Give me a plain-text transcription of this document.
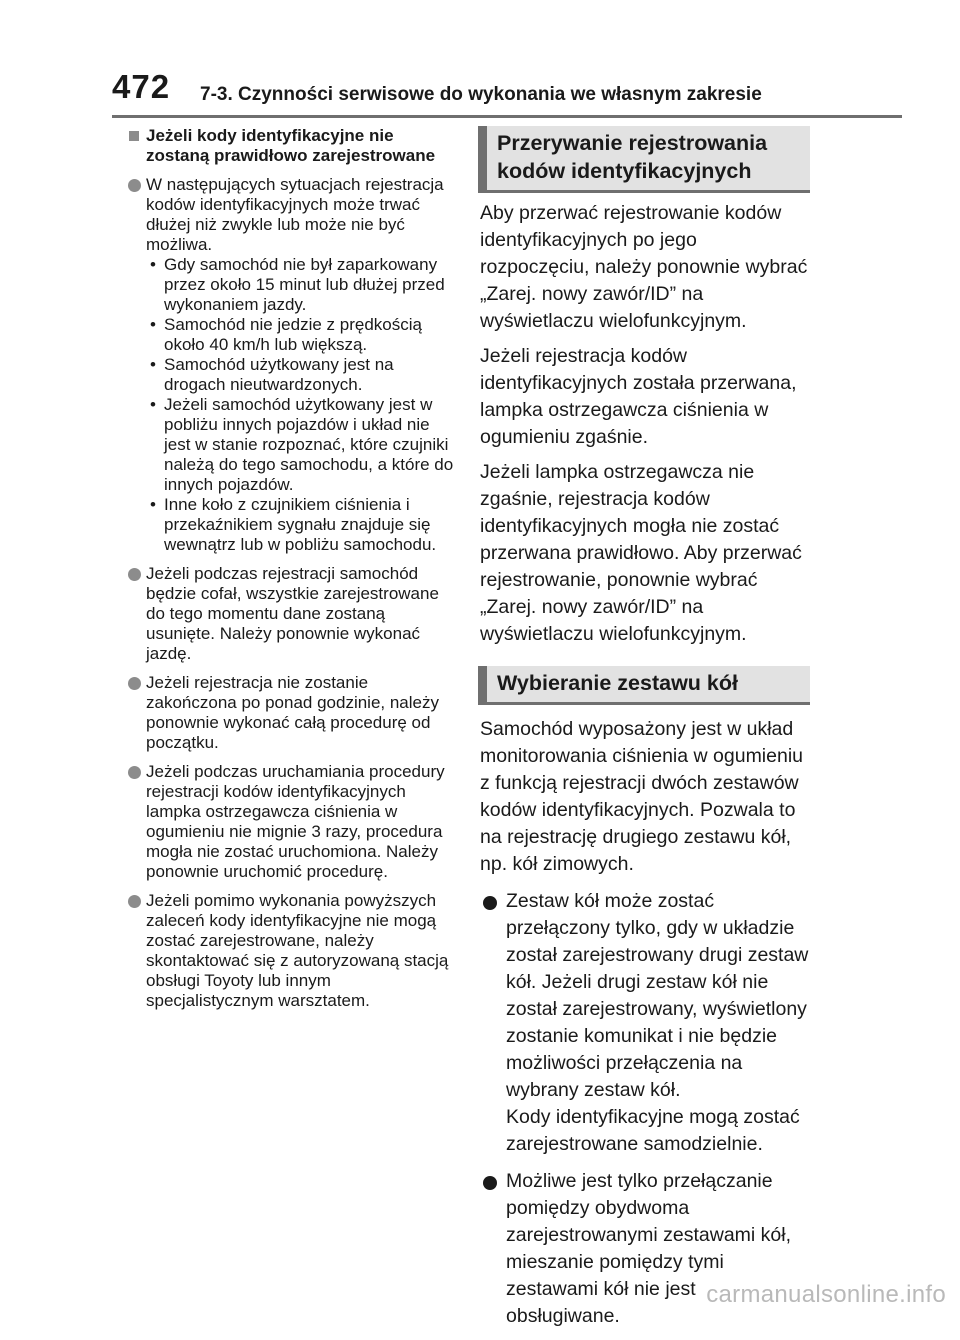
472 7-3. Czynności serwisowe do wykonania we własnym zakresie
Jeżeli kody identyfikacyjne nie zostaną prawidłowo zarejestrowane
W następujących sytuacjach rejestracja kodów identyfikacyjnych może trwać dłużej niż zwykle lub może nie być możliwa.
• Gdy samochód nie był zaparkowany przez około 15 minut lub dłużej przed wykonaniem jazdy.
• Samochód nie jedzie z prędkością około 40 km/h lub większą.
• Samochód użytkowany jest na drogach nieutwardzonych.
• Jeżeli samochód użytkowany jest w pobliżu innych pojazdów i układ nie jest w stanie rozpoznać, które czujniki należą do tego samochodu, a które do innych pojazdów.
• Inne koło z czujnikiem ciśnienia i przekaźnikiem sygnału znajduje się wewnątrz lub w pobliżu samochodu.
Jeżeli podczas rejestracji samochód będzie cofał, wszystkie zarejestrowane do tego momentu dane zostaną usunięte. Należy ponownie wykonać jazdę.
Jeżeli rejestracja nie zostanie zakończona po ponad godzinie, należy ponownie wykonać całą procedurę od początku.
Jeżeli podczas uruchamiania procedury rejestracji kodów identyfikacyjnych lampka ostrzegawcza ciśnienia w ogumieniu nie mignie 3 razy, procedura mogła nie zostać uruchomiona. Należy ponownie uruchomić procedurę.
Jeżeli pomimo wykonania powyższych zaleceń kody identyfikacyjne nie mogą zostać zarejestrowane, należy skontaktować się z autoryzowaną stacją obsługi Toyoty lub innym specjalistycznym warsztatem.
Przerywanie rejestrowania kodów identyfikacyjnych

Aby przerwać rejestrowanie kodów identyfikacyjnych po jego rozpoczęciu, należy ponownie wybrać „Zarej. nowy zawór/ID” na wyświetlaczu wielofunkcyjnym.

Jeżeli rejestracja kodów identyfikacyjnych została przerwana, lampka ostrzegawcza ciśnienia w ogumieniu zgaśnie.

Jeżeli lampka ostrzegawcza nie zgaśnie, rejestracja kodów identyfikacyjnych mogła nie zostać przerwana prawidłowo. Aby przerwać rejestrowanie, ponownie wybrać „Zarej. nowy zawór/ID” na wyświetlaczu wielofunkcyjnym.

Wybieranie zestawu kół

Samochód wyposażony jest w układ monitorowania ciśnienia w ogumieniu z funkcją rejestracji dwóch zestawów kodów identyfikacyjnych. Pozwala to na rejestrację drugiego zestawu kół, np. kół zimowych.

Zestaw kół może zostać przełączony tylko, gdy w układzie został zarejestrowany drugi zestaw kół. Jeżeli drugi zestaw kół nie został zarejestrowany, wyświetlony zostanie komunikat i nie będzie możliwości przełączenia na wybrany zestaw kół.
Kody identyfikacyjne mogą zostać zarejestrowane samodzielnie.
Możliwe jest tylko przełączanie pomiędzy obydwoma zarejestrowanymi zestawami kół, mieszanie pomiędzy tymi zestawami kół nie jest obsługiwane.
carmanualsonline.info
